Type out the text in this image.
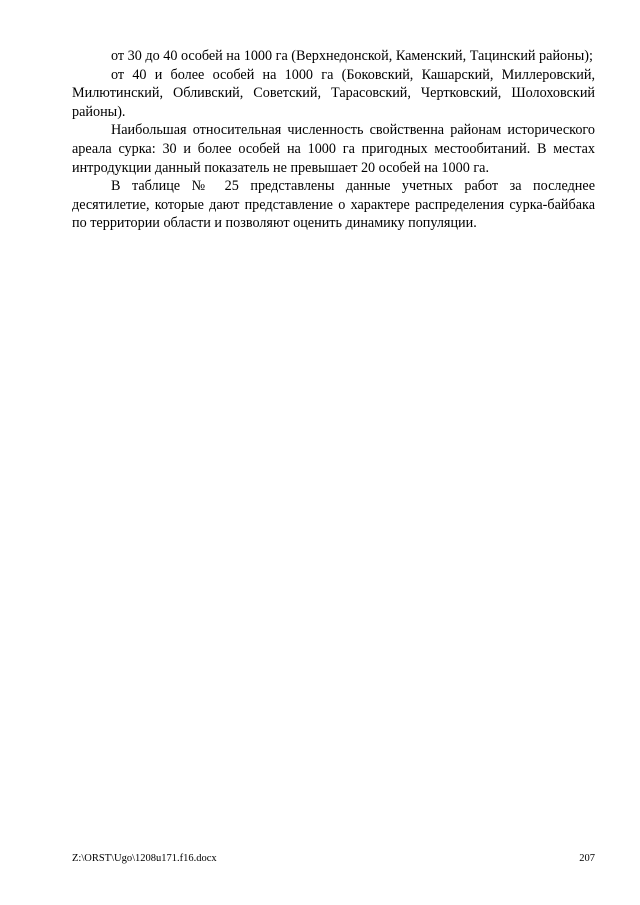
от 30 до 40 особей на 1000 га (Верхнедонской, Каменский, Тацинский районы);

от 40 и более особей на 1000 га (Боковский, Кашарский, Миллеровский, Милютинский, Обливский, Советский, Тарасовский, Чертковский, Шолоховский районы).

Наибольшая относительная численность свойственна районам исторического ареала сурка: 30 и более особей на 1000 га пригодных местообитаний. В местах интродукции данный показатель не превышает 20 особей на 1000 га.

В таблице № 25 представлены данные учетных работ за последнее десятилетие, которые дают представление о характере распределения сурка-байбака по территории области и позволяют оценить динамику популяции.

Z:\ORST\Ugo\1208u171.f16.docx	207
